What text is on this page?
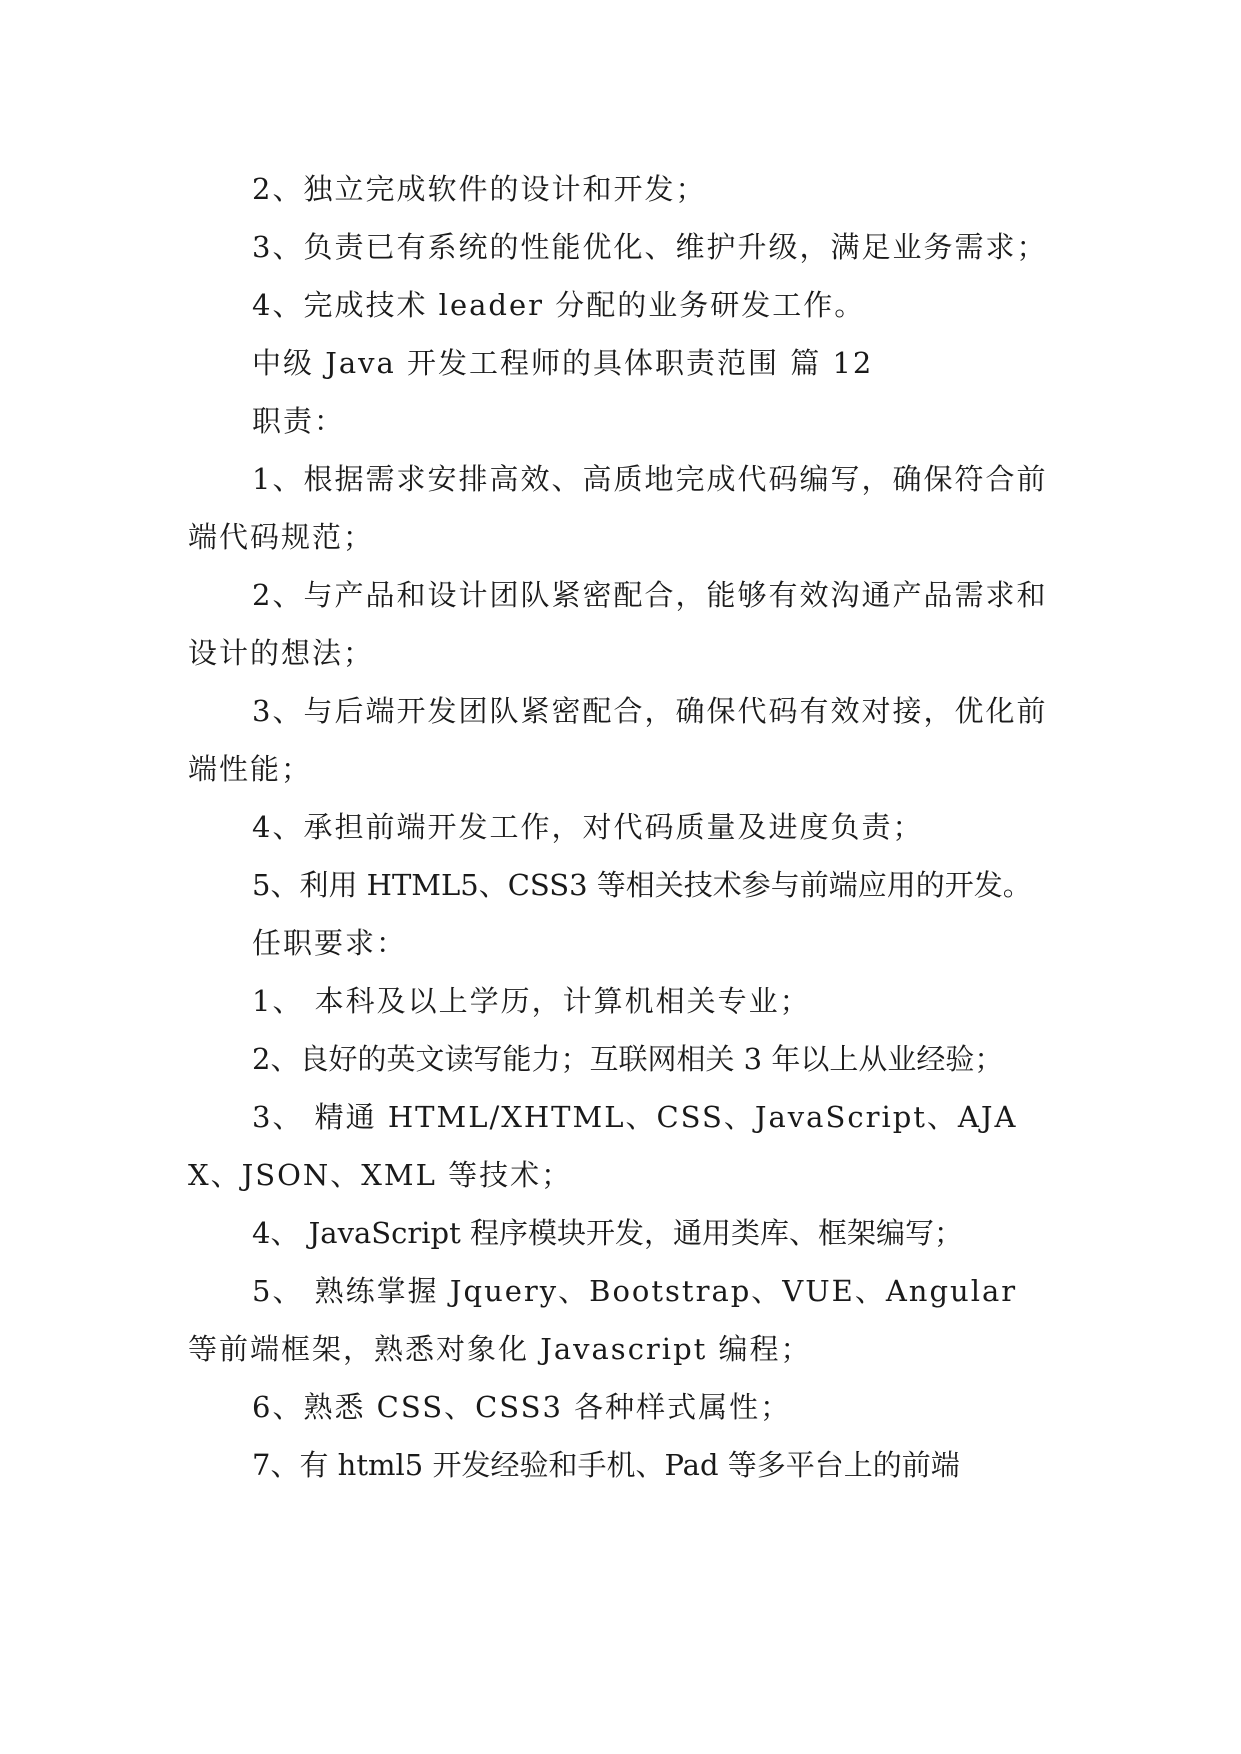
2、独立完成软件的设计和开发；

3、负责已有系统的性能优化、维护升级，满足业务需求；

4、完成技术 leader 分配的业务研发工作。

中级 Java 开发工程师的具体职责范围 篇 12

职责：

1、根据需求安排高效、高质地完成代码编写，确保符合前端代码规范；

2、与产品和设计团队紧密配合，能够有效沟通产品需求和设计的想法；

3、与后端开发团队紧密配合，确保代码有效对接，优化前端性能；

4、承担前端开发工作，对代码质量及进度负责；

5、利用 HTML5、CSS3 等相关技术参与前端应用的开发。

任职要求：

1、 本科及以上学历，计算机相关专业；

2、良好的英文读写能力；互联网相关 3 年以上从业经验；

3、 精通 HTML/XHTML、CSS、JavaScript、AJAX、JSON、XML 等技术；

4、 JavaScript 程序模块开发，通用类库、框架编写；

5、 熟练掌握 Jquery、Bootstrap、VUE、Angular 等前端框架，熟悉对象化 Javascript 编程；

6、熟悉 CSS、CSS3 各种样式属性；

7、有 html5 开发经验和手机、Pad 等多平台上的前端
